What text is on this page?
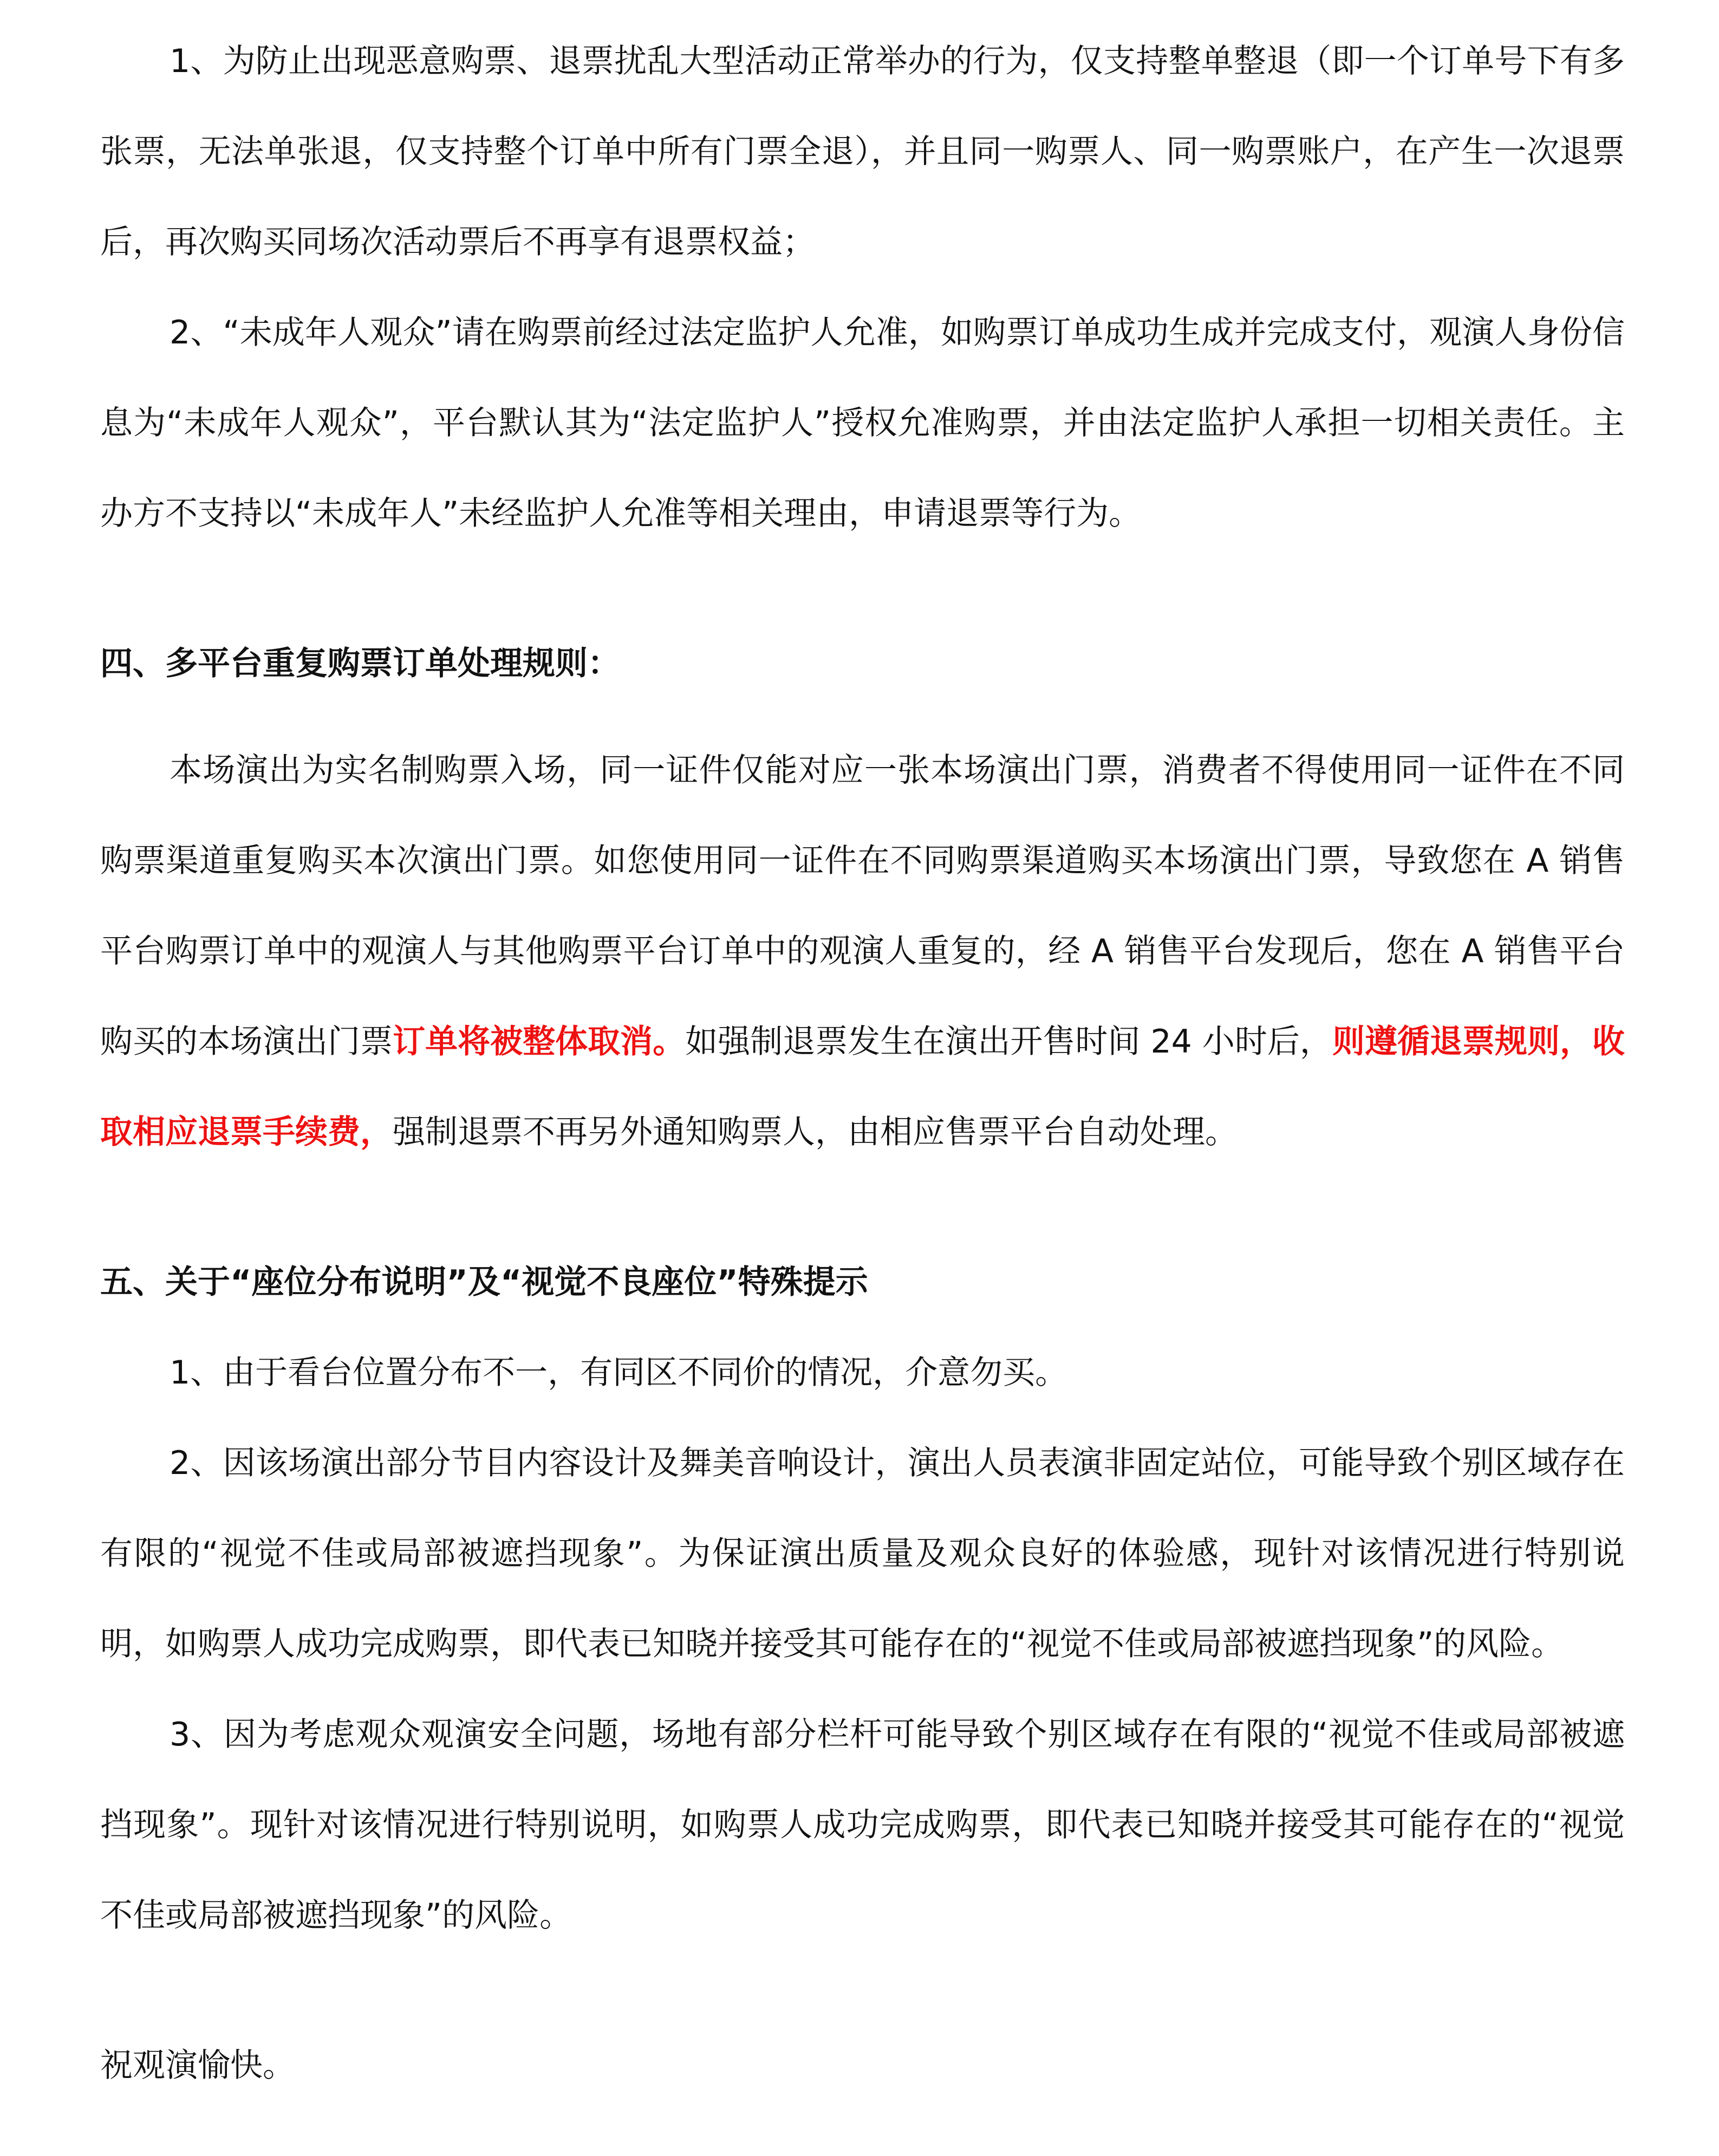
1、为防止出现恶意购票、退票扰乱大型活动正常举办的行为，仅支持整单整退（即一个订单号下有多张票，无法单张退，仅支持整个订单中所有门票全退），并且同一购票人、同一购票账户，在产生一次退票后，再次购买同场次活动票后不再享有退票权益；

2、“未成年人观众”请在购票前经过法定监护人允准，如购票订单成功生成并完成支付，观演人身份信息为“未成年人观众”，平台默认其为“法定监护人”授权允准购票，并由法定监护人承担一切相关责任。主办方不支持以“未成年人”未经监护人允准等相关理由，申请退票等行为。

四、多平台重复购票订单处理规则：

本场演出为实名制购票入场，同一证件仅能对应一张本场演出门票，消费者不得使用同一证件在不同购票渠道重复购买本次演出门票。如您使用同一证件在不同购票渠道购买本场演出门票，导致您在 A 销售平台购票订单中的观演人与其他购票平台订单中的观演人重复的，经 A 销售平台发现后，您在 A 销售平台购买的本场演出门票订单将被整体取消。如强制退票发生在演出开售时间 24 小时后，则遵循退票规则，收取相应退票手续费，强制退票不再另外通知购票人，由相应售票平台自动处理。

五、关于“座位分布说明”及“视觉不良座位”特殊提示

1、由于看台位置分布不一，有同区不同价的情况，介意勿买。

2、因该场演出部分节目内容设计及舞美音响设计，演出人员表演非固定站位，可能导致个别区域存在有限的“视觉不佳或局部被遮挡现象”。为保证演出质量及观众良好的体验感，现针对该情况进行特别说明，如购票人成功完成购票，即代表已知晓并接受其可能存在的“视觉不佳或局部被遮挡现象”的风险。

3、因为考虑观众观演安全问题，场地有部分栏杆可能导致个别区域存在有限的“视觉不佳或局部被遮挡现象”。现针对该情况进行特别说明，如购票人成功完成购票，即代表已知晓并接受其可能存在的“视觉不佳或局部被遮挡现象”的风险。

祝观演愉快。
